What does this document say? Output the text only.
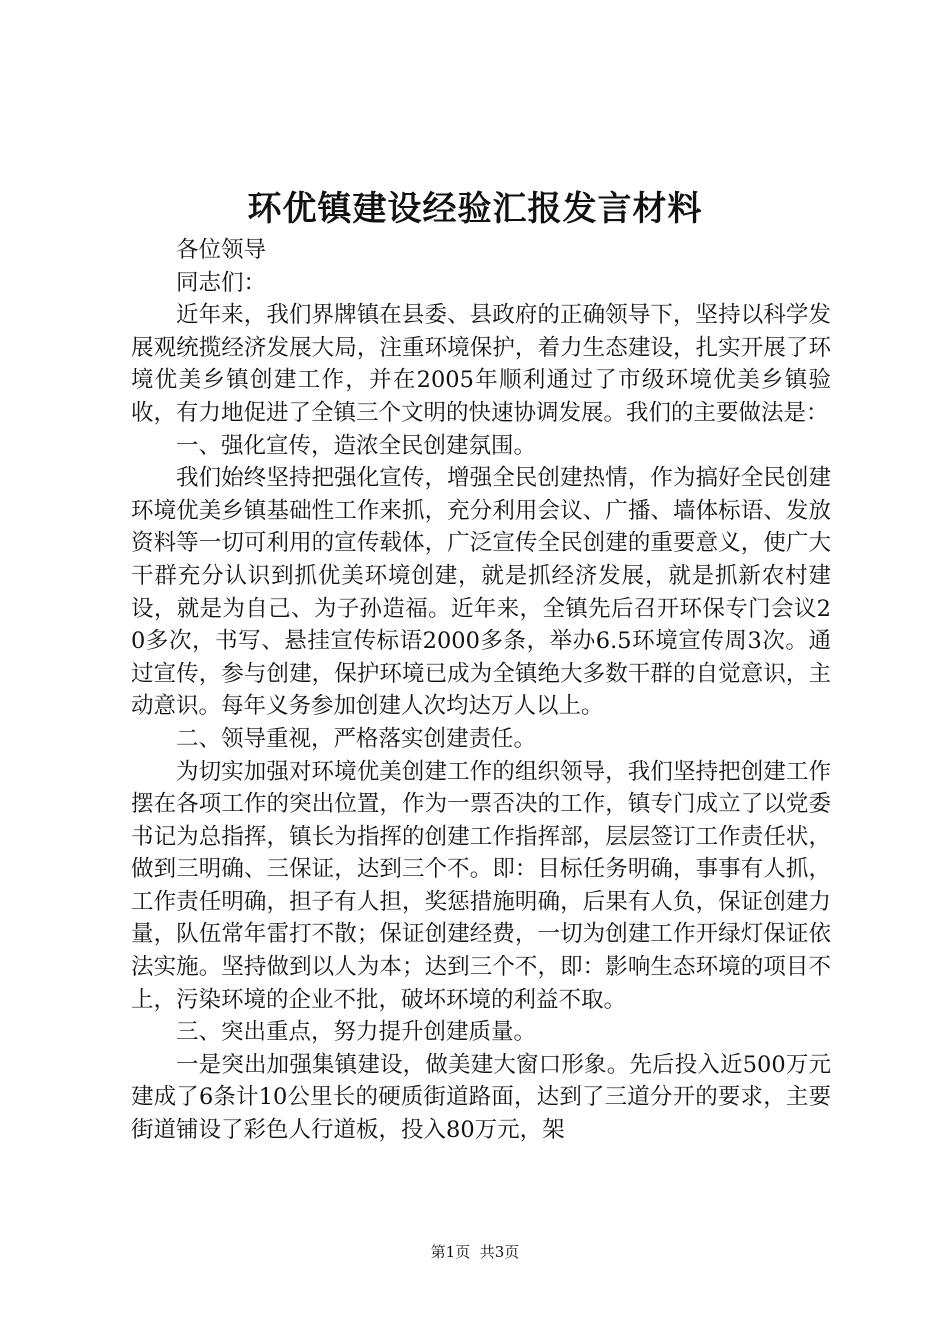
环优镇建设经验汇报发言材料

各位领导

同志们：

近年来，我们界牌镇在县委、县政府的正确领导下，坚持以科学发展观统揽经济发展大局，注重环境保护，着力生态建设，扎实开展了环境优美乡镇创建工作，并在2005年顺利通过了市级环境优美乡镇验收，有力地促进了全镇三个文明的快速协调发展。我们的主要做法是：

一、强化宣传，造浓全民创建氛围。

我们始终坚持把强化宣传，增强全民创建热情，作为搞好全民创建环境优美乡镇基础性工作来抓，充分利用会议、广播、墙体标语、发放资料等一切可利用的宣传载体，广泛宣传全民创建的重要意义，使广大干群充分认识到抓优美环境创建，就是抓经济发展，就是抓新农村建设，就是为自己、为子孙造福。近年来，全镇先后召开环保专门会议20多次，书写、悬挂宣传标语2000多条，举办6.5环境宣传周3次。通过宣传，参与创建，保护环境已成为全镇绝大多数干群的自觉意识，主动意识。每年义务参加创建人次均达万人以上。

二、领导重视，严格落实创建责任。

为切实加强对环境优美创建工作的组织领导，我们坚持把创建工作摆在各项工作的突出位置，作为一票否决的工作，镇专门成立了以党委书记为总指挥，镇长为指挥的创建工作指挥部，层层签订工作责任状，做到三明确、三保证，达到三个不。即：目标任务明确，事事有人抓，工作责任明确，担子有人担，奖惩措施明确，后果有人负，保证创建力量，队伍常年雷打不散；保证创建经费，一切为创建工作开绿灯保证依法实施。坚持做到以人为本；达到三个不，即：影响生态环境的项目不上，污染环境的企业不批，破坏环境的利益不取。

三、突出重点，努力提升创建质量。

一是突出加强集镇建设，做美建大窗口形象。先后投入近500万元建成了6条计10公里长的硬质街道路面，达到了三道分开的要求，主要街道铺设了彩色人行道板，投入80万元，架

第1页 共3页
